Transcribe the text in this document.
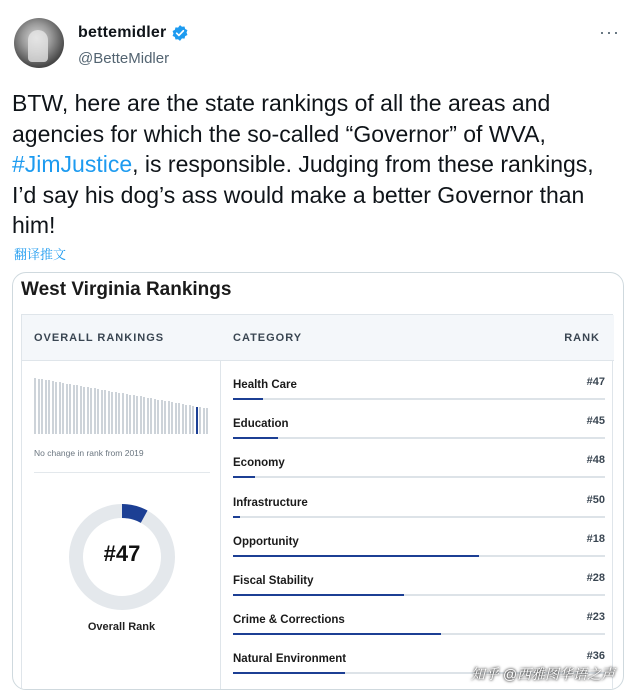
bettemidler
@BetteMidler
···
BTW, here are the state rankings of all the areas and agencies for which the so-called “Governor” of WVA, #JimJustice, is responsible. Judging from these rankings, I’d say his dog’s ass would make a better Governor than him!
翻译推文
West Virginia Rankings
OVERALL RANKINGS
No change in rank from 2019
#47
Overall Rank
CATEGORY	RANK
Health Care	#47
Education	#45
Economy	#48
Infrastructure	#50
Opportunity	#18
Fiscal Stability	#28
Crime & Corrections	#23
Natural Environment	#36
知乎 @西雅图华语之声
